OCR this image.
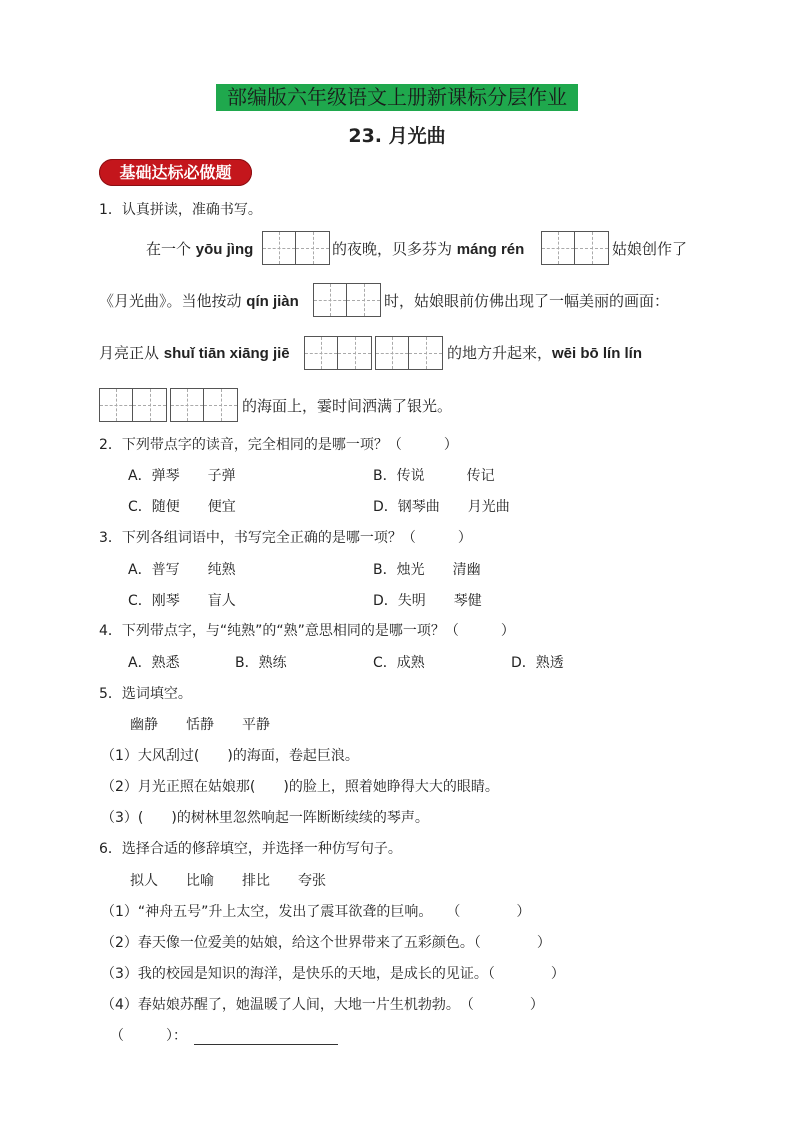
部编版六年级语文上册新课标分层作业
23. 月光曲
基础达标必做题
1．认真拼读，准确书写。
在一个 yōu jìng	的夜晚，贝多芬为 máng rén	姑娘创作了
《月光曲》。当他按动 qín jiàn	时，姑娘眼前仿佛出现了一幅美丽的画面：
月亮正从 shuǐ tiān xiāng jiē	的地方升起来，wēi bō lín lín
的海面上，霎时间洒满了银光。
2．下列带点字的读音，完全相同的是哪一项？（　　　）
A．弹琴　　子弹	B．传说　　　传记
C．随便　　便宜	D．钢琴曲　　月光曲
3．下列各组词语中，书写完全正确的是哪一项？（　　　）
A．普写　　纯熟	B．烛光　　清幽
C．刚琴　　盲人	D．失明　　琴健
4．下列带点字，与“纯熟”的“熟”意思相同的是哪一项？（　　　）
A．熟悉	B．熟练	C．成熟	D．熟透
5．选词填空。
幽静　　恬静　　平静
（1）大风刮过(　　)的海面，卷起巨浪。
（2）月光正照在姑娘那(　　)的脸上，照着她睁得大大的眼睛。
（3）(　　)的树林里忽然响起一阵断断续续的琴声。
6．选择合适的修辞填空，并选择一种仿写句子。
拟人　　比喻　　排比　　夸张
（1）“神舟五号”升上太空，发出了震耳欲聋的巨响。　　（　　　　）
（2）春天像一位爱美的姑娘，给这个世界带来了五彩颜色。（　　　　）
（3）我的校园是知识的海洋，是快乐的天地，是成长的见证。（　　　　）
（4）春姑娘苏醒了，她温暖了人间，大地一片生机勃勃。　（　　　　）
（　　　）：
